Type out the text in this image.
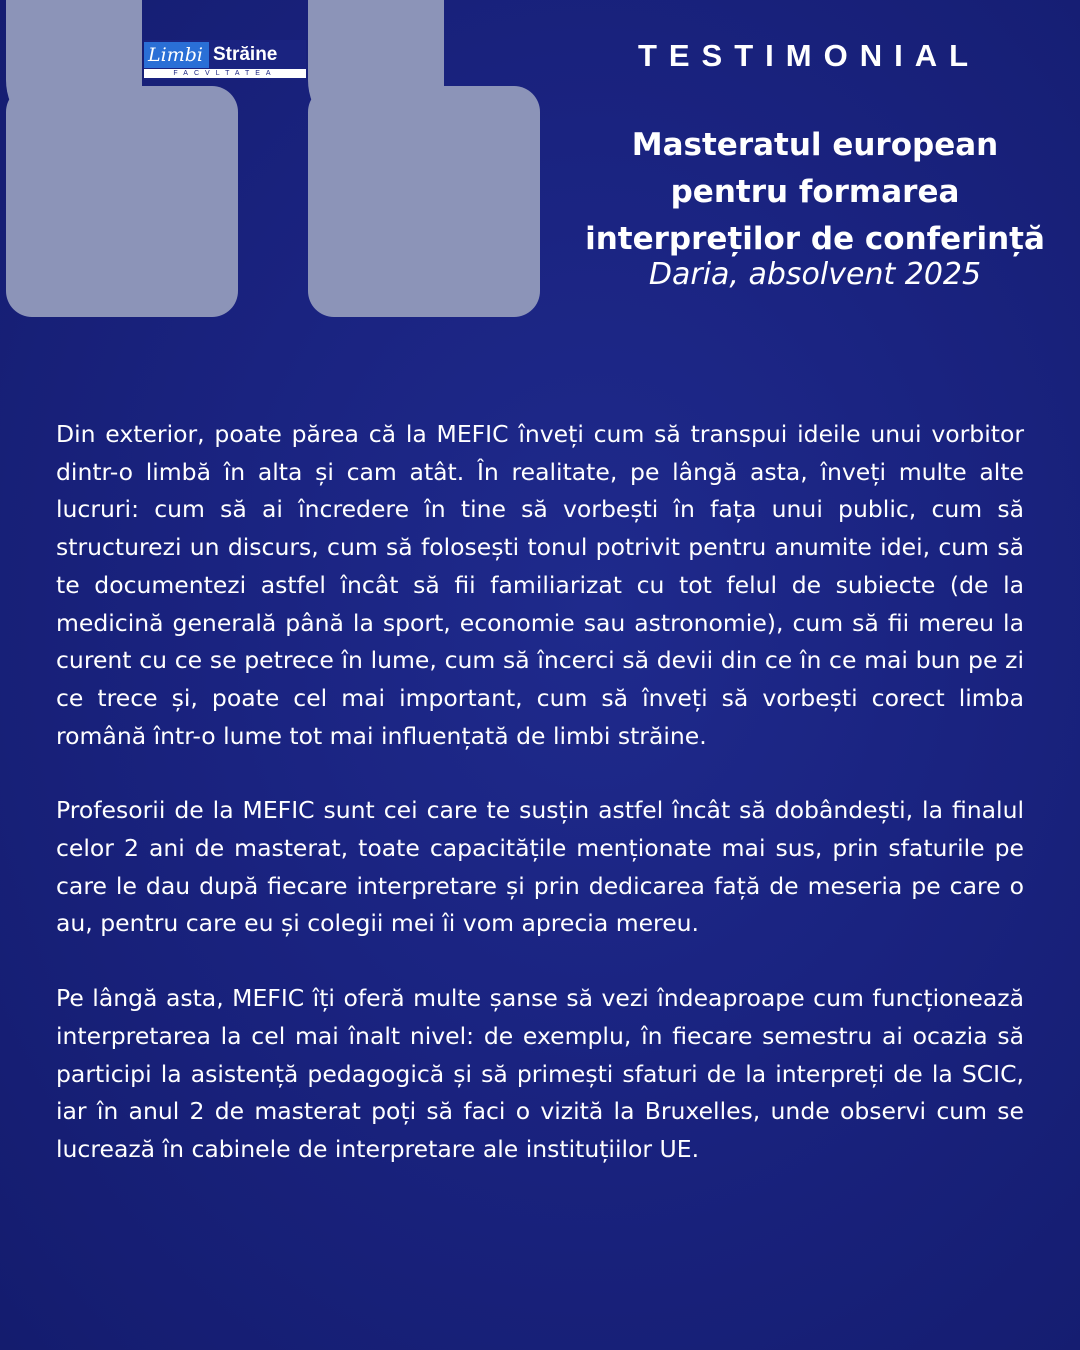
Limbi Străine
FACVLTATEA
TESTIMONIAL
Masteratul european pentru formarea interpreților de conferință
Daria, absolvent 2025

Din exterior, poate părea că la MEFIC înveți cum să transpui ideile unui vorbitor dintr-o limbă în alta și cam atât. În realitate, pe lângă asta, înveți multe alte lucruri: cum să ai încredere în tine să vorbești în fața unui public, cum să structurezi un discurs, cum să folosești tonul potrivit pentru anumite idei, cum să te documentezi astfel încât să fii familiarizat cu tot felul de subiecte (de la medicină generală până la sport, economie sau astronomie), cum să fii mereu la curent cu ce se petrece în lume, cum să încerci să devii din ce în ce mai bun pe zi ce trece și, poate cel mai important, cum să înveți să vorbești corect limba română într-o lume tot mai influențată de limbi străine.

Profesorii de la MEFIC sunt cei care te susțin astfel încât să dobândești, la finalul celor 2 ani de masterat, toate capacitățile menționate mai sus, prin sfaturile pe care le dau după fiecare interpretare și prin dedicarea față de meseria pe care o au, pentru care eu și colegii mei îi vom aprecia mereu.

Pe lângă asta, MEFIC îți oferă multe șanse să vezi îndeaproape cum funcționează interpretarea la cel mai înalt nivel: de exemplu, în fiecare semestru ai ocazia să participi la asistență pedagogică și să primești sfaturi de la interpreți de la SCIC, iar în anul 2 de masterat poți să faci o vizită la Bruxelles, unde observi cum se lucrează în cabinele de interpretare ale instituțiilor UE.
